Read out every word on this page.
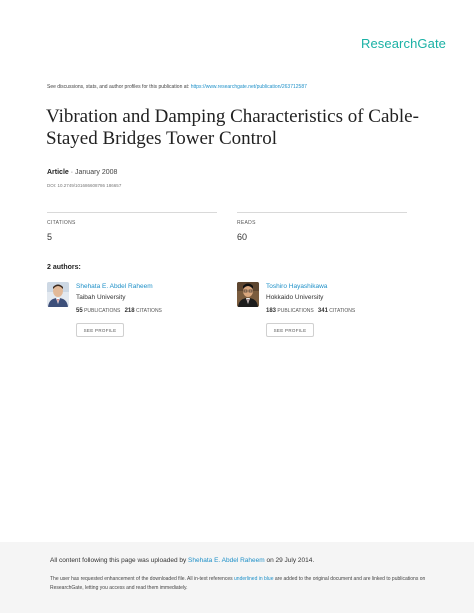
ResearchGate
See discussions, stats, and author profiles for this publication at: https://www.researchgate.net/publication/263712587
Vibration and Damping Characteristics of Cable-Stayed Bridges Tower Control
Article · January 2008
DOI: 10.2749/101686608786 186657
CITATIONS
5
READS
60
2 authors:
Shehata E. Abdel Raheem
Taibah University
55 PUBLICATIONS 218 CITATIONS
SEE PROFILE
Toshiro Hayashikawa
Hokkaido University
183 PUBLICATIONS 341 CITATIONS
SEE PROFILE
All content following this page was uploaded by Shehata E. Abdel Raheem on 29 July 2014.
The user has requested enhancement of the downloaded file. All in-text references underlined in blue are added to the original document and are linked to publications on ResearchGate, letting you access and read them immediately.
